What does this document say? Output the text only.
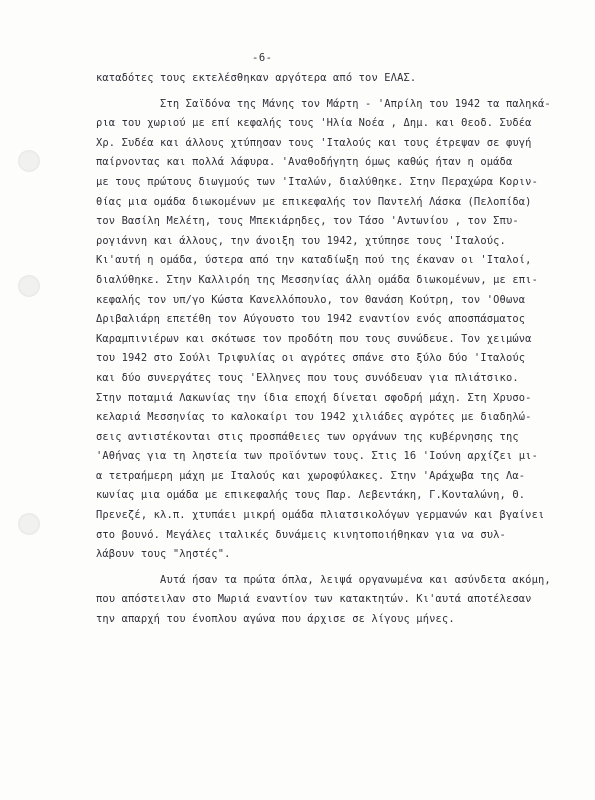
-6-
καταδότες τους εκτελέσθηκαν αργότερα από τον ΕΛΑΣ.
Στη Σαϊδόνα της Μάνης τον Μάρτη - 'Απρίλη του 1942 τα παληκά-
ρια του χωριού με επί κεφαλής τους 'Ηλία Νοέα , Δημ. και Θεοδ. Συδέα
Χρ. Συδέα και άλλους χτύπησαν τους 'Ιταλούς και τους έτρεψαν σε φυγή
παίρνοντας και πολλά λάφυρα. 'Αναθοδήγητη όμως καθώς ήταν η ομάδα
με τους πρώτους διωγμούς των 'Ιταλών, διαλύθηκε. Στην Περαχώρα Κοριν-
θίας μια ομάδα διωκομένων με επικεφαλής τον Παντελή Λάσκα (Πελοπίδα)
τον Βασίλη Μελέτη, τους Μπεκιάρηδες, τον Τάσο 'Αντωνίου , τον Σπυ-
ρογιάννη και άλλους, την άνοιξη του 1942, χτύπησε τους 'Ιταλούς.
Κι'αυτή η ομάδα, ύστερα από την καταδίωξη πού της έκαναν οι 'Ιταλοί,
διαλύθηκε. Στην Καλλιρόη της Μεσσηνίας άλλη ομάδα διωκομένων, με επι-
κεφαλής τον υπ/γο Κώστα Κανελλόπουλο, τον Θανάση Κούτρη, τον 'Οθωνα
Δριβαλιάρη επετέθη τον Αύγουστο του 1942 εναντίον ενός αποσπάσματος
Καραμπινιέρων και σκότωσε τον προδότη που τους συνώδευε. Τον χειμώνα
του 1942 στο Σούλι Τριφυλίας οι αγρότες σπάνε στο ξύλο δύο 'Ιταλούς
και δύο συνεργάτες τους 'Ελληνες που τους συνόδευαν για πλιάτσικο.
Στην ποταμιά Λακωνίας την ίδια εποχή δίνεται σφοδρή μάχη. Στη Χρυσο-
κελαριά Μεσσηνίας το καλοκαίρι του 1942 χιλιάδες αγρότες με διαδηλώ-
σεις αντιστέκονται στις προσπάθειες των οργάνων της κυβέρνησης της
'Αθήνας για τη ληστεία των προϊόντων τους. Στις 16 'Ιούνη αρχίζει μι-
α τετραήμερη μάχη με Ιταλούς και χωροφύλακες. Στην 'Αράχωβα της Λα-
κωνίας μια ομάδα με επικεφαλής τους Παρ. Λεβεντάκη, Γ.Κονταλώνη, Θ.
Πρενεζέ, κλ.π. χτυπάει μικρή ομάδα πλιατσικολόγων γερμανών και βγαίνει
στο βουνό. Μεγάλες ιταλικές δυνάμεις κινητοποιήθηκαν για να συλ-
λάβουν τους "ληστές".
Αυτά ήσαν τα πρώτα όπλα, λειψά οργανωμένα και ασύνδετα ακόμη,
που απόστειλαν στο Μωριά εναντίον των κατακτητών. Κι'αυτά αποτέλεσαν
την απαρχή του ένοπλου αγώνα που άρχισε σε λίγους μήνες.
